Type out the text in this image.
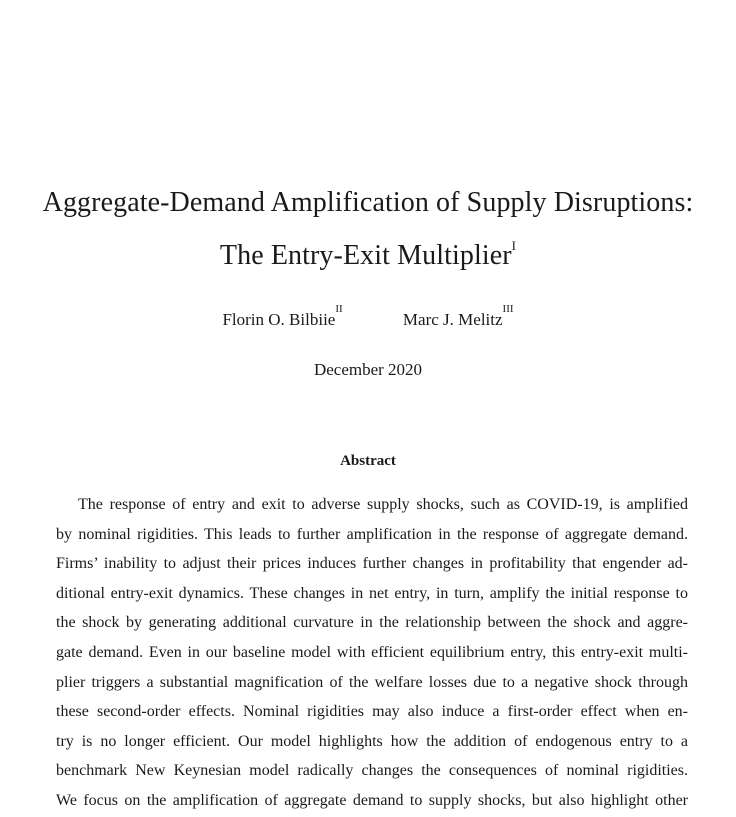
Aggregate-Demand Amplification of Supply Disruptions:
The Entry-Exit Multiplier$^I$
Florin O. Bilbiie$^{II}$ Marc J. Melitz$^{III}$
December 2020
Abstract
The response of entry and exit to adverse supply shocks, such as COVID-19, is amplified
by nominal rigidities. This leads to further amplification in the response of aggregate demand.
Firms’ inability to adjust their prices induces further changes in profitability that engender ad-
ditional entry-exit dynamics. These changes in net entry, in turn, amplify the initial response to
the shock by generating additional curvature in the relationship between the shock and aggre-
gate demand. Even in our baseline model with efficient equilibrium entry, this entry-exit multi-
plier triggers a substantial magnification of the welfare losses due to a negative shock through
these second-order effects. Nominal rigidities may also induce a first-order effect when en-
try is no longer efficient. Our model highlights how the addition of endogenous entry to a
benchmark New Keynesian model radically changes the consequences of nominal rigidities.
We focus on the amplification of aggregate demand to supply shocks, but also highlight other
